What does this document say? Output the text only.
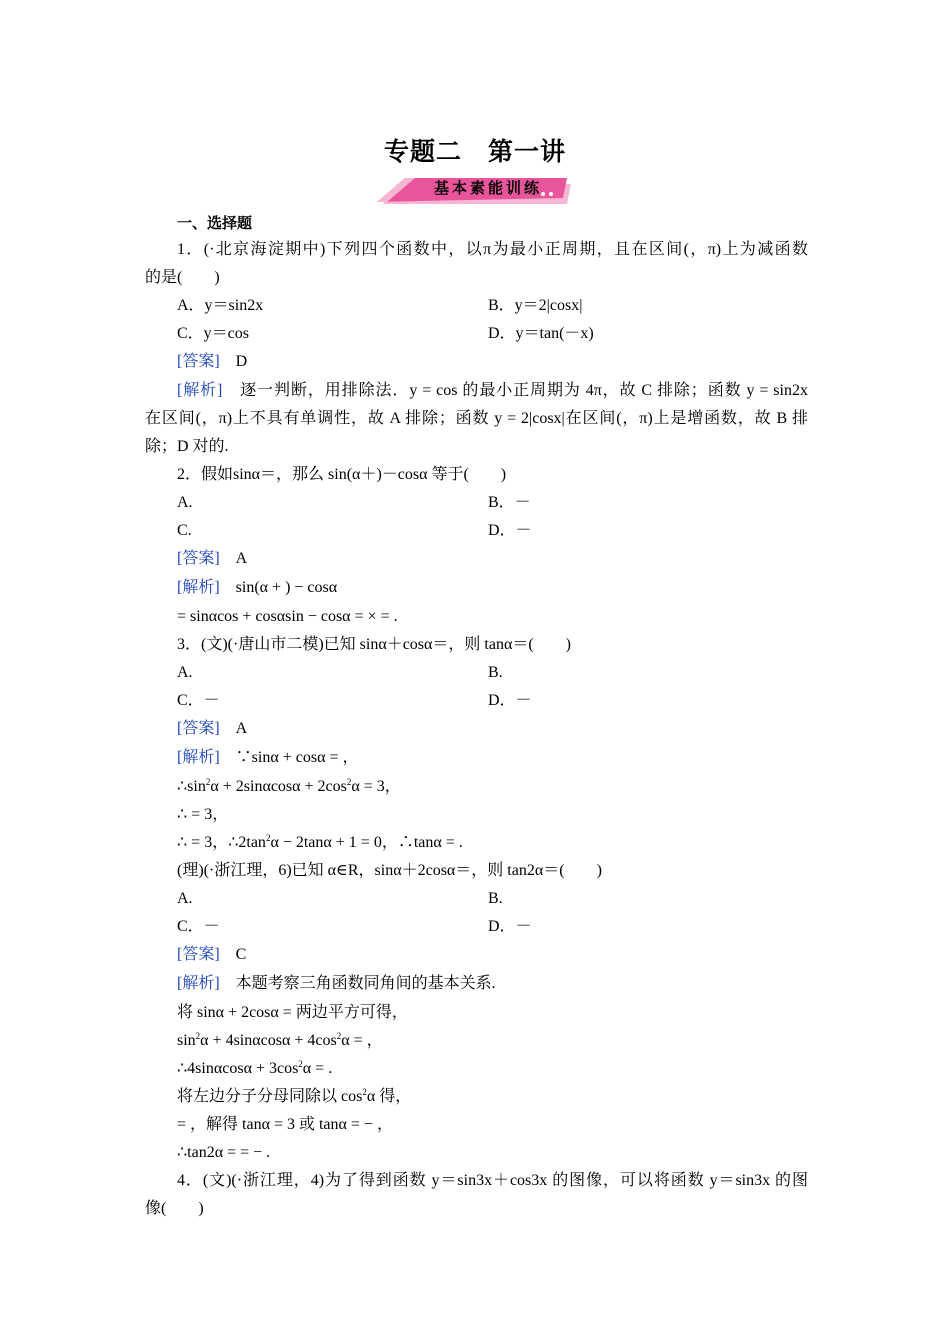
专题二　第一讲
基本素能训练
一、选择题
1．(·北京海淀期中)下列四个函数中，以π为最小正周期，且在区间(，π)上为减函数
的是(　　)
A．y＝sin2x	B．y＝2|cosx|
C．y＝cos	D．y＝tan(－x)
[答案]　D
[解析]　逐一判断，用排除法．y = cos 的最小正周期为 4π，故 C 排除；函数 y = sin2x
在区间(，π)上不具有单调性，故 A 排除；函数 y = 2|cosx|在区间(，π)上是增函数，故 B 排
除；D 对的.
2．假如sinα＝，那么 sin(α＋)－cosα 等于(　　)
A.	B．－
C.	D．－
[答案]　A
[解析]　sin(α + ) − cosα
= sinαcos + cosαsin − cosα = × = .
3．(文)(·唐山市二模)已知 sinα＋cosα＝，则 tanα＝(　　)
A.	B.
C．－	D．－
[答案]　A
[解析]　∵sinα + cosα = ，
$\therefore\sin^2\alpha + 2\sin\alpha\cos\alpha + 2\cos^2\alpha = 3$，
∴ = 3，
∴ = 3，$\therefore 2\tan^2\alpha - 2\tan\alpha + 1 = 0$，∴tanα = .
(理)(·浙江理，6)已知 α∈R，sinα＋2cosα＝，则 tan2α＝(　　)
A.	B.
C．－	D．－
[答案]　C
[解析]　本题考察三角函数同角间的基本关系.
将 sinα + 2cosα = 两边平方可得，
$\sin^2\alpha + 4\sin\alpha\cos\alpha + 4\cos^2\alpha$ = ，
∴4sinαcosα + $3\cos^2\alpha$ = .
将左边分子分母同除以 $\cos^2\alpha$ 得，
= ，解得 tanα = 3 或 tanα = − ，
∴tan2α = = − .
4．(文)(·浙江理，4)为了得到函数 y＝sin3x＋cos3x 的图像，可以将函数 y＝sin3x 的图
像(　　)
